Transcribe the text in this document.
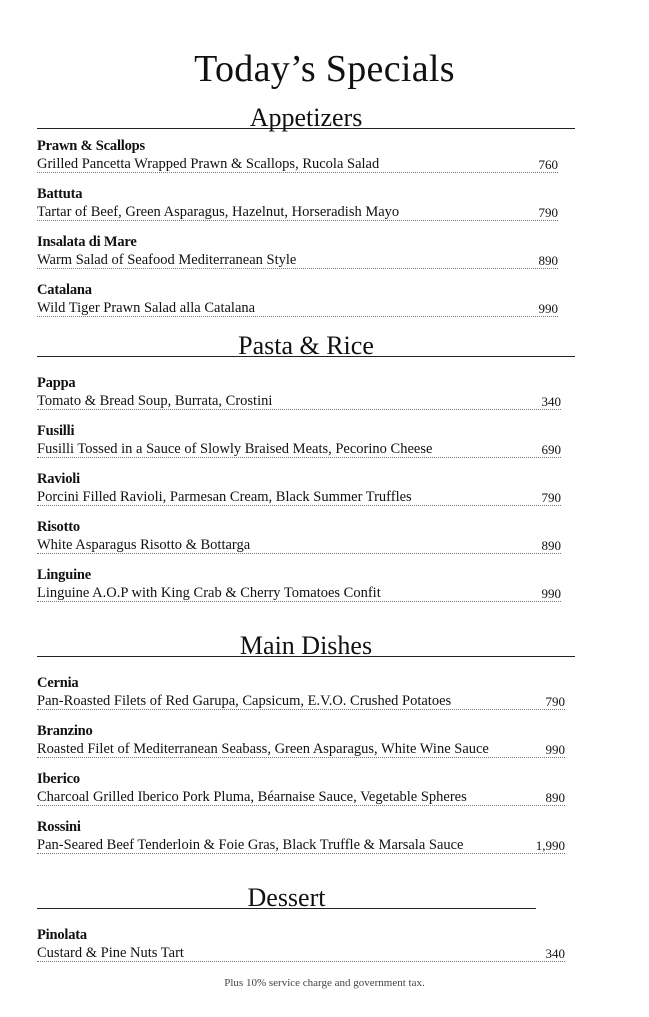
Today’s Specials
Appetizers
Prawn & Scallops
Grilled Pancetta Wrapped Prawn & Scallops, Rucola Salad	760
Battuta
Tartar of Beef, Green Asparagus, Hazelnut, Horseradish Mayo	790
Insalata di Mare
Warm Salad of Seafood Mediterranean Style	890
Catalana
Wild Tiger Prawn Salad alla Catalana	990
Pasta & Rice
Pappa
Tomato & Bread Soup, Burrata, Crostini	340
Fusilli
Fusilli Tossed in a Sauce of Slowly Braised Meats, Pecorino Cheese	690
Ravioli
Porcini Filled Ravioli, Parmesan Cream, Black Summer Truffles	790
Risotto
White Asparagus Risotto & Bottarga	890
Linguine
Linguine A.O.P with King Crab & Cherry Tomatoes Confit	990
Main Dishes
Cernia
Pan-Roasted Filets of Red Garupa, Capsicum, E.V.O. Crushed Potatoes	790
Branzino
Roasted Filet of Mediterranean Seabass, Green Asparagus, White Wine Sauce	990
Iberico
Charcoal Grilled Iberico Pork Pluma, Béarnaise Sauce, Vegetable Spheres	890
Rossini
Pan-Seared Beef Tenderloin & Foie Gras, Black Truffle & Marsala Sauce	1,990
Dessert
Pinolata
Custard & Pine Nuts Tart	340
Plus 10% service charge and government tax.
